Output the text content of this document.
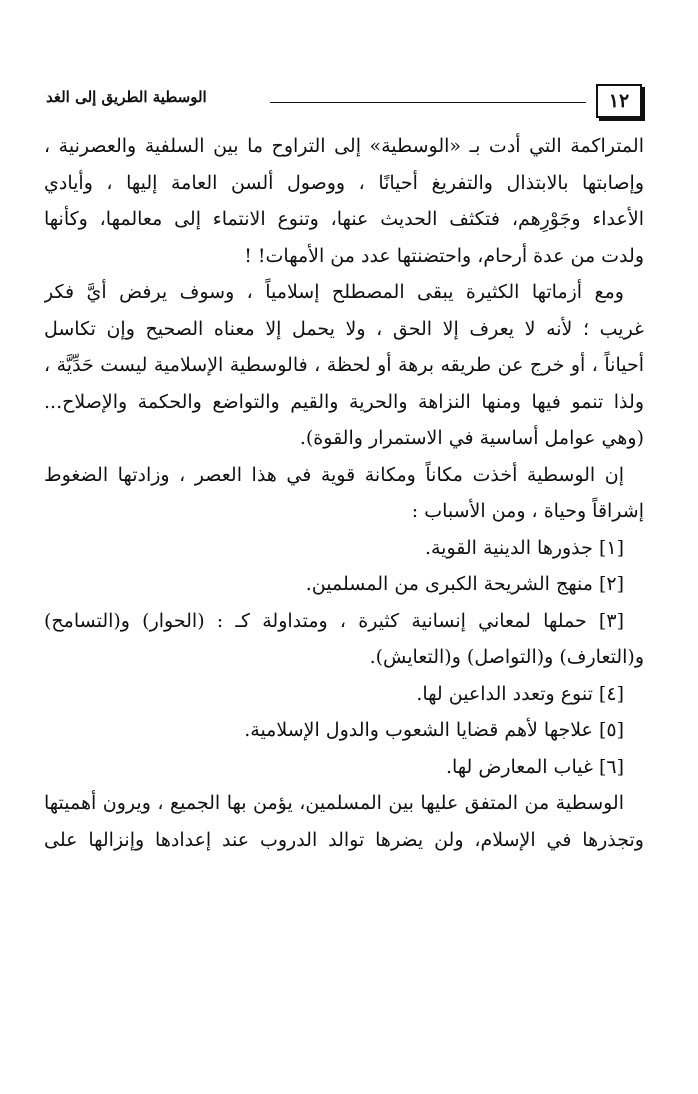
١٢
الوسطية الطريق إلى الغد
المتراكمة التي أدت بـ «الوسطية» إلى التراوح ما بين السلفية والعصرنية ،
وإصابتها بالابتذال والتفريغ أحيانًا ، ووصول ألسن العامة إليها ، وأيادي
الأعداء وجَوْرِهم، فتكثف الحديث عنها، وتنوع الانتماء إلى معالمها، وكأنها
ولدت من عدة أرحام، واحتضنتها عدد من الأمهات! !
ومع أزماتها الكثيرة يبقى المصطلح إسلامياً ، وسوف يرفض أيَّ فكر
غريب ؛ لأنه لا يعرف إلا الحق ، ولا يحمل إلا معناه الصحيح وإن تكاسل
أحياناً ، أو خرج عن طريقه برهة أو لحظة ، فالوسطية الإسلامية ليست حَدِّيَّة ،
ولذا تنمو فيها ومنها النزاهة والحرية والقيم والتواضع والحكمة والإصلاح...
(وهي عوامل أساسية في الاستمرار والقوة).
إن الوسطية أخذت مكاناً ومكانة قوية في هذا العصر ، وزادتها الضغوط
إشراقاً وحياة ، ومن الأسباب :
[١] جذورها الدينية القوية.
[٢] منهج الشريحة الكبرى من المسلمين.
[٣] حملها لمعاني إنسانية كثيرة ، ومتداولة كـ : (الحوار) و(التسامح)
و(التعارف) و(التواصل) و(التعايش).
[٤] تنوع وتعدد الداعين لها.
[٥] علاجها لأهم قضايا الشعوب والدول الإسلامية.
[٦] غياب المعارض لها.
الوسطية من المتفق عليها بين المسلمين، يؤمن بها الجميع ، ويرون أهميتها
وتجذرها في الإسلام، ولن يضرها توالد الدروب عند إعدادها وإنزالها على
